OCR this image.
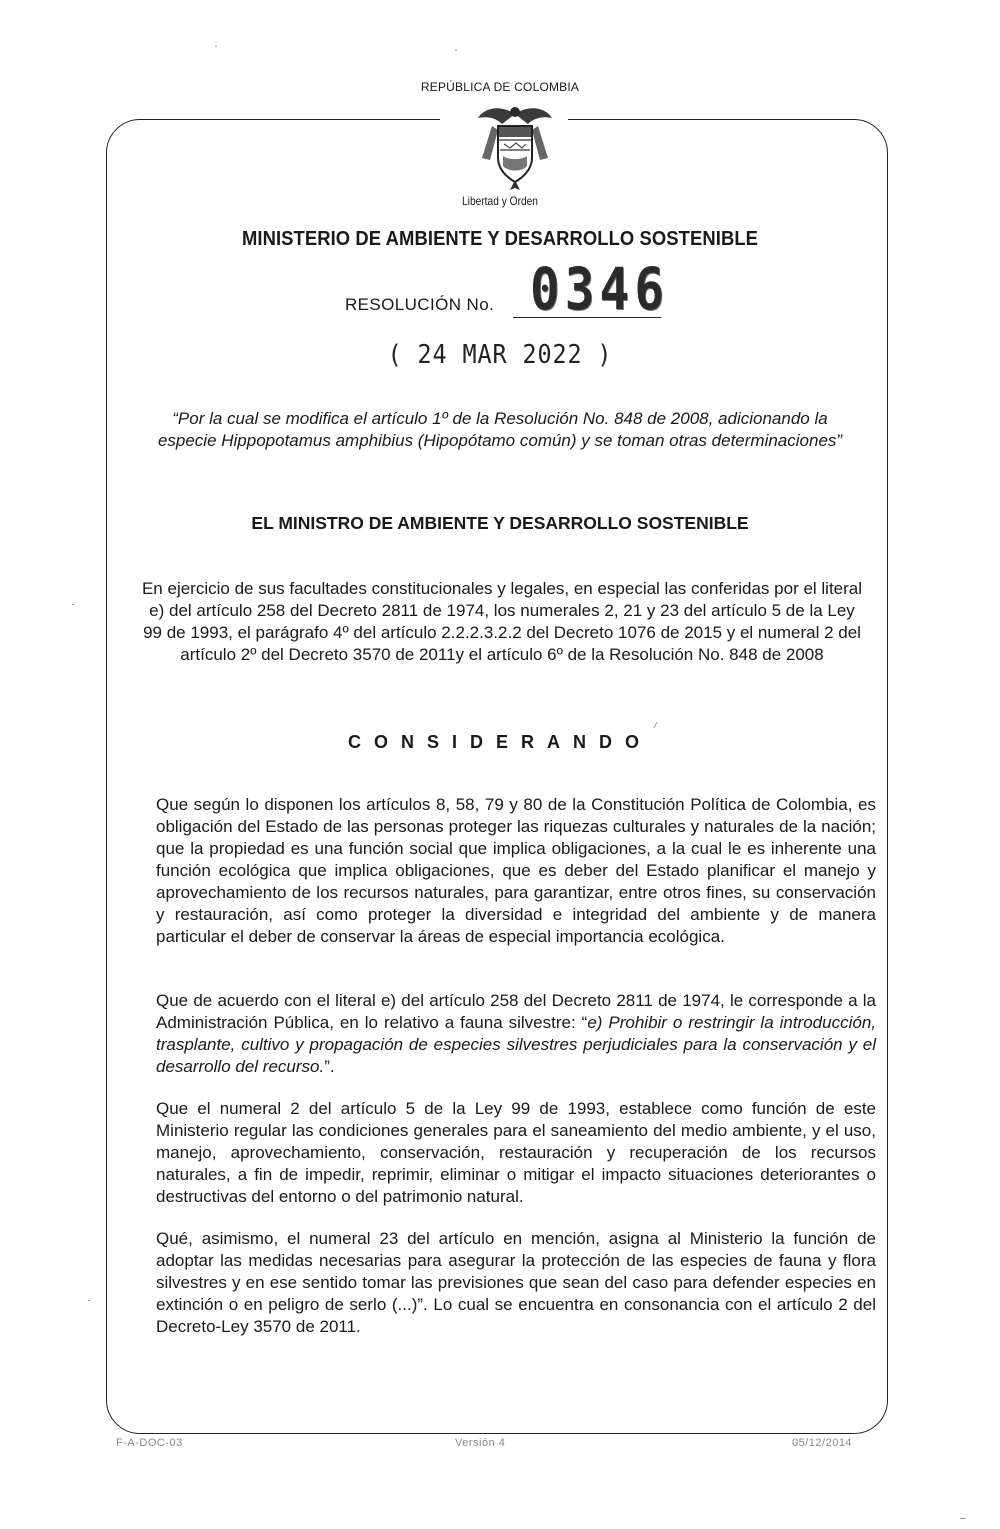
REPÚBLICA DE COLOMBIA
Libertad y Orden
MINISTERIO DE AMBIENTE Y DESARROLLO SOSTENIBLE
RESOLUCIÓN No. 0346
( 24 MAR 2022 )
“Por la cual se modifica el artículo 1º de la Resolución No. 848 de 2008, adicionando la especie Hippopotamus amphibius (Hipopótamo común) y se toman otras determinaciones”
EL MINISTRO DE AMBIENTE Y DESARROLLO SOSTENIBLE
En ejercicio de sus facultades constitucionales y legales, en especial las conferidas por el literal e) del artículo 258 del Decreto 2811 de 1974, los numerales 2, 21 y 23 del artículo 5 de la Ley 99 de 1993, el parágrafo 4º del artículo 2.2.2.3.2.2 del Decreto 1076 de 2015 y el numeral 2 del artículo 2º del Decreto 3570 de 2011y el artículo 6º de la Resolución No. 848 de 2008
CONSIDERANDO
Que según lo disponen los artículos 8, 58, 79 y 80 de la Constitución Política de Colombia, es obligación del Estado de las personas proteger las riquezas culturales y naturales de la nación; que la propiedad es una función social que implica obligaciones, a la cual le es inherente una función ecológica que implica obligaciones, que es deber del Estado planificar el manejo y aprovechamiento de los recursos naturales, para garantizar, entre otros fines, su conservación y restauración, así como proteger la diversidad e integridad del ambiente y de manera particular el deber de conservar la áreas de especial importancia ecológica.
Que de acuerdo con el literal e) del artículo 258 del Decreto 2811 de 1974, le corresponde a la Administración Pública, en lo relativo a fauna silvestre: “e) Prohibir o restringir la introducción, trasplante, cultivo y propagación de especies silvestres perjudiciales para la conservación y el desarrollo del recurso.”.
Que el numeral 2 del artículo 5 de la Ley 99 de 1993, establece como función de este Ministerio regular las condiciones generales para el saneamiento del medio ambiente, y el uso, manejo, aprovechamiento, conservación, restauración y recuperación de los recursos naturales, a fin de impedir, reprimir, eliminar o mitigar el impacto situaciones deteriorantes o destructivas del entorno o del patrimonio natural.
Qué, asimismo, el numeral 23 del artículo en mención, asigna al Ministerio la función de adoptar las medidas necesarias para asegurar la protección de las especies de fauna y flora silvestres y en ese sentido tomar las previsiones que sean del caso para defender especies en extinción o en peligro de serlo (...)”. Lo cual se encuentra en consonancia con el artículo 2 del Decreto-Ley 3570 de 2011.
F-A-DOC-03	Versión 4	05/12/2014
